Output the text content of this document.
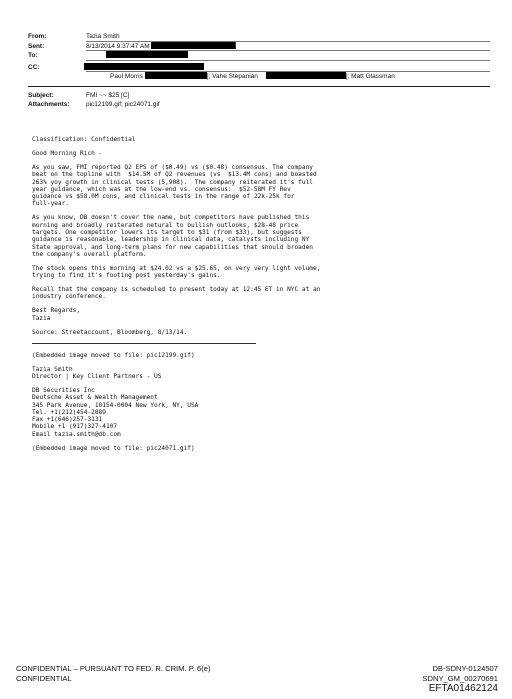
From:	Tazia Smith
Sent:	8/13/2014 9:37:47 AM
To:
CC:
Paul Morris	]; Vahe Stepanian	]; Matt Glassman
Subject:	FMI ~~ $25 [C]
Attachments:	pic12199.gif; pic24071.gif
Classification: Confidential
Good Morning Rich -
As you saw, FMI reported Q2 EPS of ($0.49) vs ($0.48) consensus. The company
beat on the topline with  $14.5M of Q2 revenues (vs  $13.4M cons) and boasted
263% yoy growth in clinical tests (5,908).  The company reiterated it's full
year guidance, which was at the low-end vs. consensus:  $52-58M FY Rev
guidance vs $58.0M cons, and clinical tests in the range of 22k-25k for
full-year.
As you know, DB doesn't cover the name, but competitors have published this
morning and broadly reiterated netural to bullish outlooks, $28-48 price
targets. One competitor lowers its target to $31 (from $33), but suggests
guidance is reasonable, leadership in clinical data, catalysts including NY
State approval, and long-term plans for new capabilities that should broaden
the company's overall platform.
The stock opens this morning at $24.02 vs a $25.65, on very very light volume,
trying to find it's footing post yesterday's gains.
Recall that the company is scheduled to present today at 12:45 ET in NYC at an
industry conference.
Best Regards,
Tazia
Source: Streetaccount, Bloomberg, 8/13/14.
(Embedded image moved to file: pic12199.gif)
Tazia Smith
Director | Key Client Partners - US
DB Securities Inc
Deutsche Asset & Wealth Management
345 Park Avenue, 10154-0004 New York, NY, USA
Tel. +1(212)454-2889
Fax +1(646)257-3131
Mobile +1 (917)327-4107
Email tazia.smith@db.com
(Embedded image moved to file: pic24071.gif)
CONFIDENTIAL – PURSUANT TO FED. R. CRIM. P. 6(e)
CONFIDENTIAL
DB-SDNY-0124507
SDNY_GM_00270691
EFTA01462124
